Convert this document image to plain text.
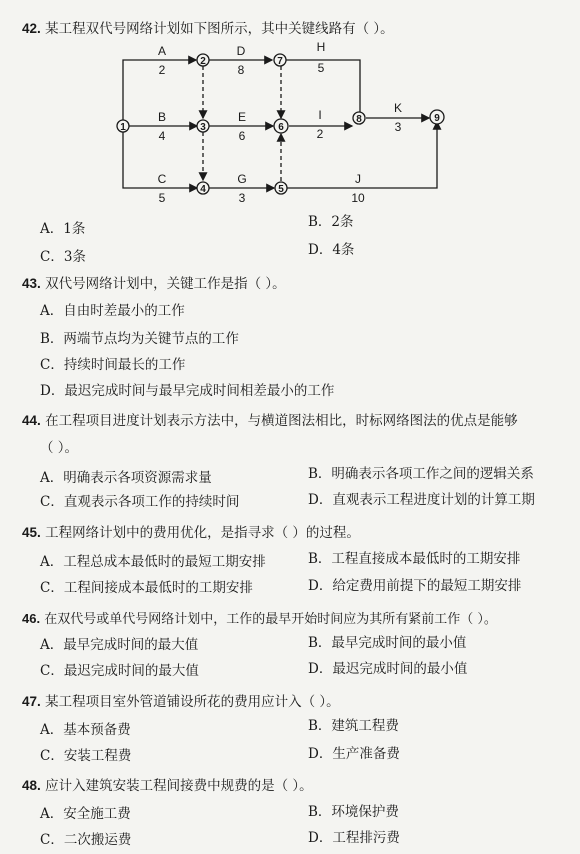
42. 某工程双代号网络计划如下图所示，其中关键线路有（ ）。
1
2
3
4	5
6
7
8	9
A
2
D
8
H
5
B
4
E
6
I
2
K
3
C
5
G
3
J
10
A．1条	B．2条
C．3条	D．4条
43. 双代号网络计划中，关键工作是指（ ）。
A．自由时差最小的工作
B．两端节点均为关键节点的工作
C．持续时间最长的工作
D．最迟完成时间与最早完成时间相差最小的工作
44. 在工程项目进度计划表示方法中，与横道图法相比，时标网络图法的优点是能够
（ ）。
A．明确表示各项资源需求量	B．明确表示各项工作之间的逻辑关系
C．直观表示各项工作的持续时间	D．直观表示工程进度计划的计算工期
45. 工程网络计划中的费用优化，是指寻求（ ）的过程。
A．工程总成本最低时的最短工期安排	B．工程直接成本最低时的工期安排
C．工程间接成本最低时的工期安排	D．给定费用前提下的最短工期安排
46. 在双代号或单代号网络计划中，工作的最早开始时间应为其所有紧前工作（ ）。
A．最早完成时间的最大值	B．最早完成时间的最小值
C．最迟完成时间的最大值	D．最迟完成时间的最小值
47. 某工程项目室外管道铺设所花的费用应计入（ ）。
A．基本预备费	B．建筑工程费
C．安装工程费	D．生产准备费
48. 应计入建筑安装工程间接费中规费的是（ ）。
A．安全施工费	B．环境保护费
C．二次搬运费	D．工程排污费
